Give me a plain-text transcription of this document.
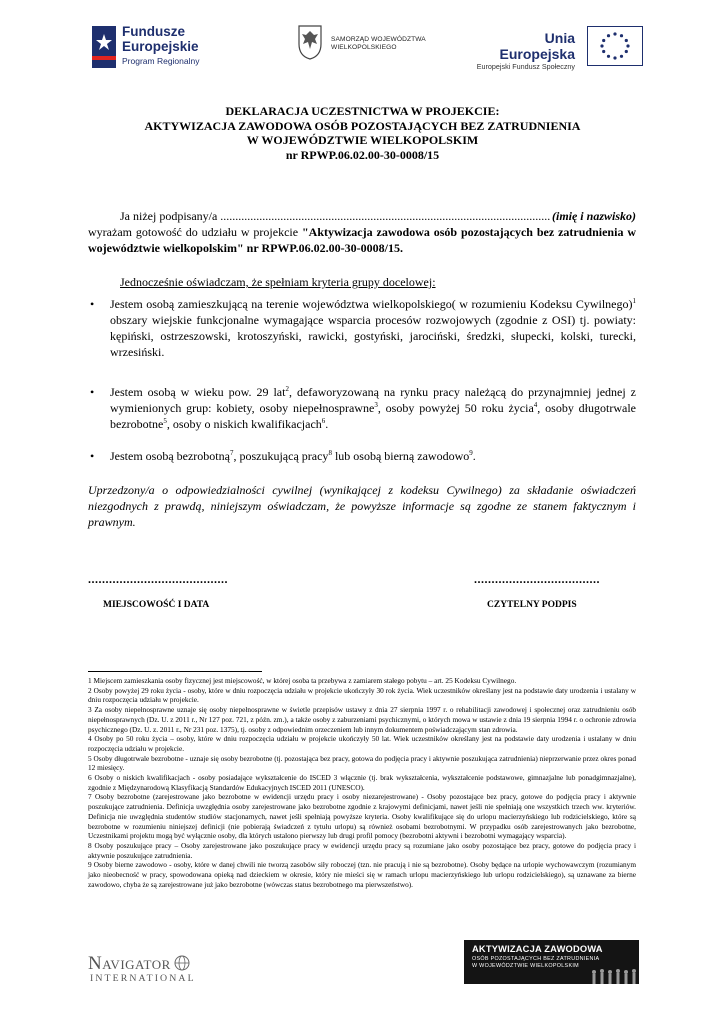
Fundusze
Europejskie
Program Regionalny
SAMORZĄD WOJEWÓDZTWA
WIELKOPOLSKIEGO
Unia Europejska
Europejski Fundusz Społeczny
DEKLARACJA UCZESTNICTWA W PROJEKCIE:
AKTYWIZACJA ZAWODOWA OSÓB POZOSTAJĄCYCH BEZ ZATRUDNIENIA
W WOJEWÓDZTWIE WIELKOPOLSKIM
nr RPWP.06.02.00-30-0008/15
(imię i nazwisko)
Ja niżej podpisany/a ..............................................................................................................
wyrażam gotowość do udziału w projekcie "Aktywizacja zawodowa osób pozostających bez zatrudnienia w województwie wielkopolskim" nr RPWP.06.02.00-30-0008/15.
Jednocześnie oświadczam, że spełniam kryteria grupy docelowej:
• Jestem osobą zamieszkującą na terenie województwa wielkopolskiego( w rozumieniu Kodeksu Cywilnego)$^1$ obszary wiejskie funkcjonalne wymagające wsparcia procesów rozwojowych (zgodnie z OSI) tj. powiaty: kępiński, ostrzeszowski, krotoszyński, rawicki, gostyński, jarociński, średzki, słupecki, kolski, turecki, wrzesiński.
• Jestem osobą w wieku pow. 29 lat$^2$, defaworyzowaną na rynku pracy należącą do przynajmniej jednej z wymienionych grup: kobiety, osoby niepełnosprawne$^3$, osoby powyżej 50 roku życia$^4$, osoby długotrwale bezrobotne$^5$, osoby o niskich kwalifikacjach$^6$.
• Jestem osobą bezrobotną$^7$, poszukującą pracy$^8$ lub osobą bierną zawodowo$^9$.
Uprzedzony/a o odpowiedzialności cywilnej (wynikającej z kodeksu Cywilnego) za składanie oświadczeń niezgodnych z prawdą, niniejszym oświadczam, że powyższe informacje są zgodne ze stanem faktycznym i prawnym.
........................................	....................................
MIEJSCOWOŚĆ I DATA	CZYTELNY PODPIS

1 Miejscem zamieszkania osoby fizycznej jest miejscowość, w której osoba ta przebywa z zamiarem stałego pobytu – art. 25 Kodeksu Cywilnego.

2 Osoby powyżej 29 roku życia - osoby, które w dniu rozpoczęcia udziału w projekcie ukończyły 30 rok życia. Wiek uczestników określany jest na podstawie daty urodzenia i ustalany w dniu rozpoczęcia udziału w projekcie.

3 Za osoby niepełnosprawne uznaje się osoby niepełnosprawne w świetle przepisów ustawy z dnia 27 sierpnia 1997 r. o rehabilitacji zawodowej i społecznej oraz zatrudnieniu osób niepełnosprawnych (Dz. U. z 2011 r., Nr 127 poz. 721, z późn. zm.), a także osoby z zaburzeniami psychicznymi, o których mowa w ustawie z dnia 19 sierpnia 1994 r. o ochronie zdrowia psychicznego (Dz. U. z. 2011 r., Nr 231 poz. 1375), tj. osoby z odpowiednim orzeczeniem lub innym dokumentem poświadczającym stan zdrowia.

4 Osoby po 50 roku życia – osoby, które w dniu rozpoczęcia udziału w projekcie ukończyły 50 lat. Wiek uczestników określany jest na podstawie daty urodzenia i ustalany w dniu rozpoczęcia udziału w projekcie.

5 Osoby długotrwale bezrobotne - uznaje się osoby bezrobotne (tj. pozostająca bez pracy, gotowa do podjęcia pracy i aktywnie poszukująca zatrudnienia) nieprzerwanie przez okres ponad 12 miesięcy.

6 Osoby o niskich kwalifikacjach - osoby posiadające wykształcenie do ISCED 3 włącznie (tj. brak wykształcenia, wykształcenie podstawowe, gimnazjalne lub ponadgimnazjalne), zgodnie z Międzynarodową Klasyfikacją Standardów Edukacyjnych ISCED 2011 (UNESCO).

7 Osoby bezrobotne (zarejestrowane jako bezrobotne w ewidencji urzędu pracy i osoby niezarejestrowane) - Osoby pozostające bez pracy, gotowe do podjęcia pracy i aktywnie poszukujące zatrudnienia. Definicja uwzględnia osoby zarejestrowane jako bezrobotne zgodnie z krajowymi definicjami, nawet jeśli nie spełniają one wszystkich trzech ww. kryteriów. Definicja nie uwzględnia studentów studiów stacjonarnych, nawet jeśli spełniają powyższe kryteria. Osoby kwalifikujące się do urlopu macierzyńskiego lub rodzicielskiego, które są bezrobotne w rozumieniu niniejszej definicji (nie pobierają świadczeń z tytułu urlopu) są również osobami bezrobotnymi. W przypadku osób zarejestrowanych jako bezrobotne, Uczestnikami projektu mogą być wyłącznie osoby, dla których ustalono pierwszy lub drugi profil pomocy (bezrobotni aktywni i bezrobotni wymagający wsparcia).

8 Osoby poszukujące pracy – Osoby zarejestrowane jako poszukujące pracy w ewidencji urzędu pracy są rozumiane jako osoby pozostające bez pracy, gotowe do podjęcia pracy i aktywnie poszukujące zatrudnienia.

9 Osoby bierne zawodowo - osoby, które w danej chwili nie tworzą zasobów siły roboczej (tzn. nie pracują i nie są bezrobotne). Osoby będące na urlopie wychowawczym (rozumianym jako nieobecność w pracy, spowodowana opieką nad dzieckiem w okresie, który nie mieści się w ramach urlopu macierzyńskiego lub urlopu rodzicielskiego), są uznawane za bierne zawodowo, chyba że są zarejestrowane już jako bezrobotne (wówczas status bezrobotnego ma pierwszeństwo).

Navigator
INTERNATIONAL
AKTYWIZACJA ZAWODOWA
OSÓB POZOSTAJĄCYCH BEZ ZATRUDNIENIA
W WOJEWÓDZTWIE WIELKOPOLSKIM
